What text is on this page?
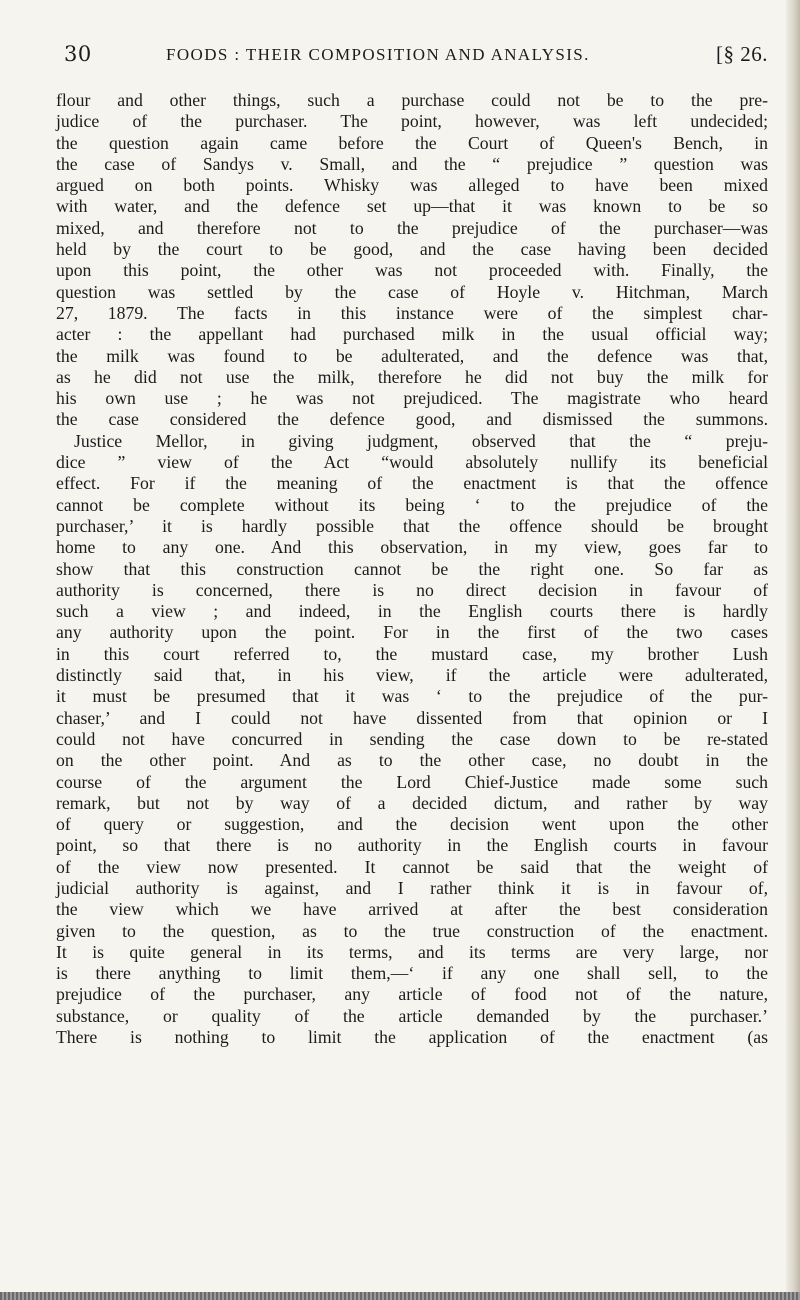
30	FOODS : THEIR COMPOSITION AND ANALYSIS.	[§ 26.
flour and other things, such a purchase could not be to the pre-
judice of the purchaser. The point, however, was left undecided;
the question again came before the Court of Queen's Bench, in
the case of Sandys v. Small, and the “ prejudice ” question was
argued on both points. Whisky was alleged to have been mixed
with water, and the defence set up—that it was known to be so
mixed, and therefore not to the prejudice of the purchaser—was
held by the court to be good, and the case having been decided
upon this point, the other was not proceeded with. Finally, the
question was settled by the case of Hoyle v. Hitchman, March
27, 1879. The facts in this instance were of the simplest char-
acter : the appellant had purchased milk in the usual official way;
the milk was found to be adulterated, and the defence was that,
as he did not use the milk, therefore he did not buy the milk for
his own use ; he was not prejudiced. The magistrate who heard
the case considered the defence good, and dismissed the summons.
Justice Mellor, in giving judgment, observed that the “ preju-
dice ” view of the Act “would absolutely nullify its beneficial
effect. For if the meaning of the enactment is that the offence
cannot be complete without its being ‘ to the prejudice of the
purchaser,’ it is hardly possible that the offence should be brought
home to any one. And this observation, in my view, goes far to
show that this construction cannot be the right one. So far as
authority is concerned, there is no direct decision in favour of
such a view ; and indeed, in the English courts there is hardly
any authority upon the point. For in the first of the two cases
in this court referred to, the mustard case, my brother Lush
distinctly said that, in his view, if the article were adulterated,
it must be presumed that it was ‘ to the prejudice of the pur-
chaser,’ and I could not have dissented from that opinion or I
could not have concurred in sending the case down to be re-stated
on the other point. And as to the other case, no doubt in the
course of the argument the Lord Chief-Justice made some such
remark, but not by way of a decided dictum, and rather by way
of query or suggestion, and the decision went upon the other
point, so that there is no authority in the English courts in favour
of the view now presented. It cannot be said that the weight of
judicial authority is against, and I rather think it is in favour of,
the view which we have arrived at after the best consideration
given to the question, as to the true construction of the enactment.
It is quite general in its terms, and its terms are very large, nor
is there anything to limit them,—‘ if any one shall sell, to the
prejudice of the purchaser, any article of food not of the nature,
substance, or quality of the article demanded by the purchaser.’
There is nothing to limit the application of the enactment (as
